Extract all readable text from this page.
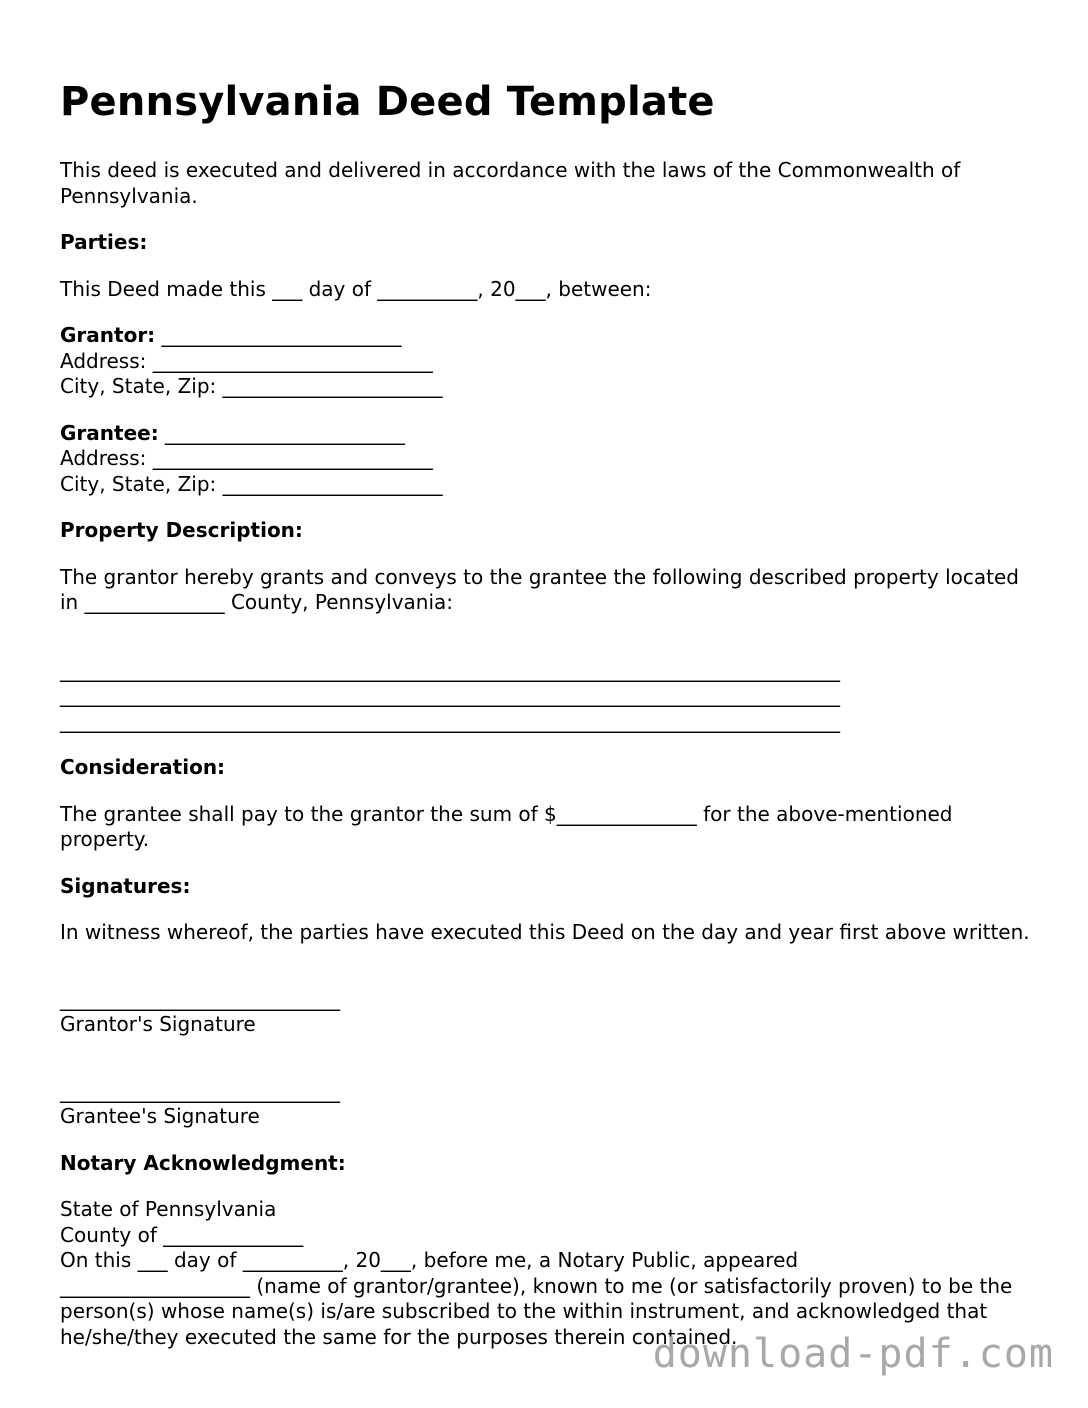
Pennsylvania Deed Template

This deed is executed and delivered in accordance with the laws of the Commonwealth of Pennsylvania.

Parties:

This Deed made this ___ day of __________, 20___, between:

Grantor: ________________________

Address: ____________________________

City, State, Zip: ______________________

Grantee: ________________________

Address: ____________________________

City, State, Zip: ______________________

Property Description:

The grantor hereby grants and conveys to the grantee the following described property located in ______________ County, Pennsylvania:

______________________________________________________________________________

______________________________________________________________________________

______________________________________________________________________________

Consideration:

The grantee shall pay to the grantor the sum of $______________ for the above-mentioned property.

Signatures:

In witness whereof, the parties have executed this Deed on the day and year first above written.

____________________________

Grantor's Signature

____________________________

Grantee's Signature

Notary Acknowledgment:

State of Pennsylvania

County of ______________

On this ___ day of __________, 20___, before me, a Notary Public, appeared

___________________ (name of grantor/grantee), known to me (or satisfactorily proven) to be the person(s) whose name(s) is/are subscribed to the within instrument, and acknowledged that he/she/they executed the same for the purposes therein contained.

download-pdf.com
